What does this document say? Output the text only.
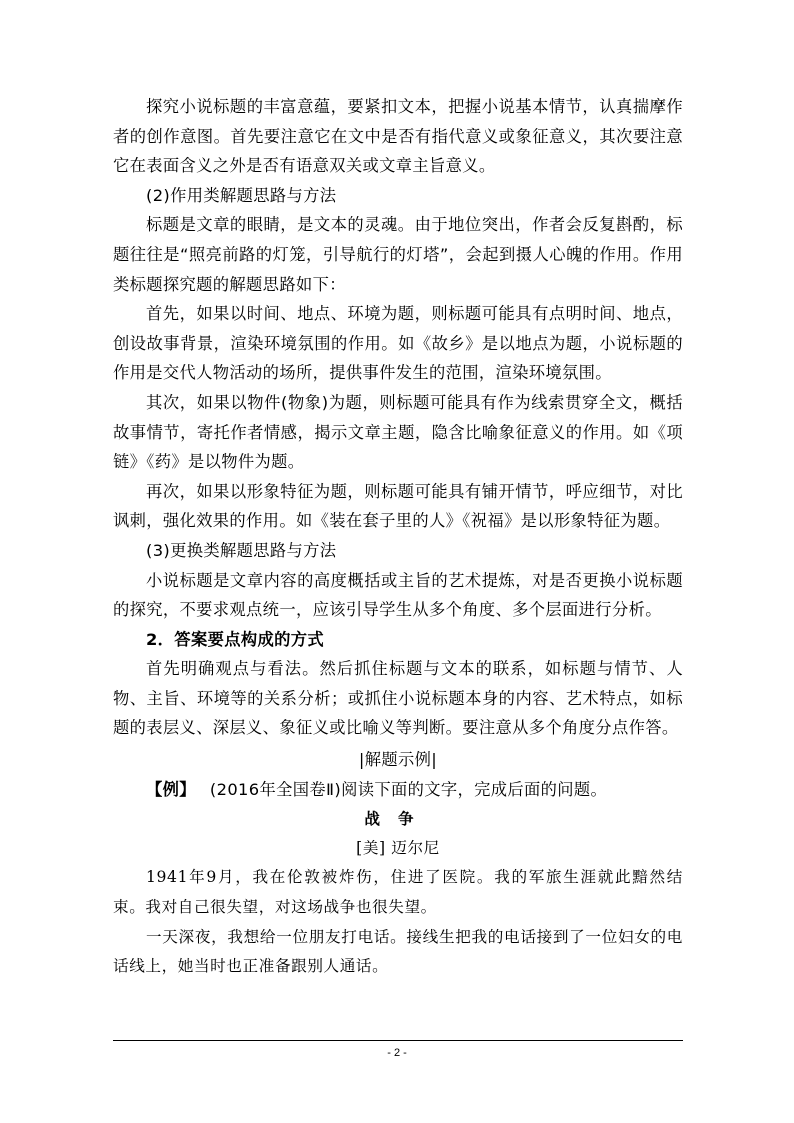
探究小说标题的丰富意蕴，要紧扣文本，把握小说基本情节，认真揣摩作者的创作意图。首先要注意它在文中是否有指代意义或象征意义，其次要注意它在表面含义之外是否有语意双关或文章主旨意义。

(2)作用类解题思路与方法

标题是文章的眼睛，是文本的灵魂。由于地位突出，作者会反复斟酌，标题往往是“照亮前路的灯笼，引导航行的灯塔”，会起到摄人心魄的作用。作用类标题探究题的解题思路如下：

首先，如果以时间、地点、环境为题，则标题可能具有点明时间、地点，创设故事背景，渲染环境氛围的作用。如《故乡》是以地点为题，小说标题的作用是交代人物活动的场所，提供事件发生的范围，渲染环境氛围。

其次，如果以物件(物象)为题，则标题可能具有作为线索贯穿全文，概括故事情节，寄托作者情感，揭示文章主题，隐含比喻象征意义的作用。如《项链》《药》是以物件为题。

再次，如果以形象特征为题，则标题可能具有铺开情节，呼应细节，对比讽刺，强化效果的作用。如《装在套子里的人》《祝福》是以形象特征为题。

(3)更换类解题思路与方法

小说标题是文章内容的高度概括或主旨的艺术提炼，对是否更换小说标题的探究，不要求观点统一，应该引导学生从多个角度、多个层面进行分析。

2．答案要点构成的方式

首先明确观点与看法。然后抓住标题与文本的联系，如标题与情节、人物、主旨、环境等的关系分析；或抓住小说标题本身的内容、艺术特点，如标题的表层义、深层义、象征义或比喻义等判断。要注意从多个角度分点作答。

|解题示例|

【例】　 (2016年全国卷Ⅱ)阅读下面的文字，完成后面的问题。

战争

[美] 迈尔尼

1941年9月，我在伦敦被炸伤，住进了医院。我的军旅生涯就此黯然结束。我对自己很失望，对这场战争也很失望。

一天深夜，我想给一位朋友打电话。接线生把我的电话接到了一位妇女的电话线上，她当时也正准备跟别人通话。

- 2 -
